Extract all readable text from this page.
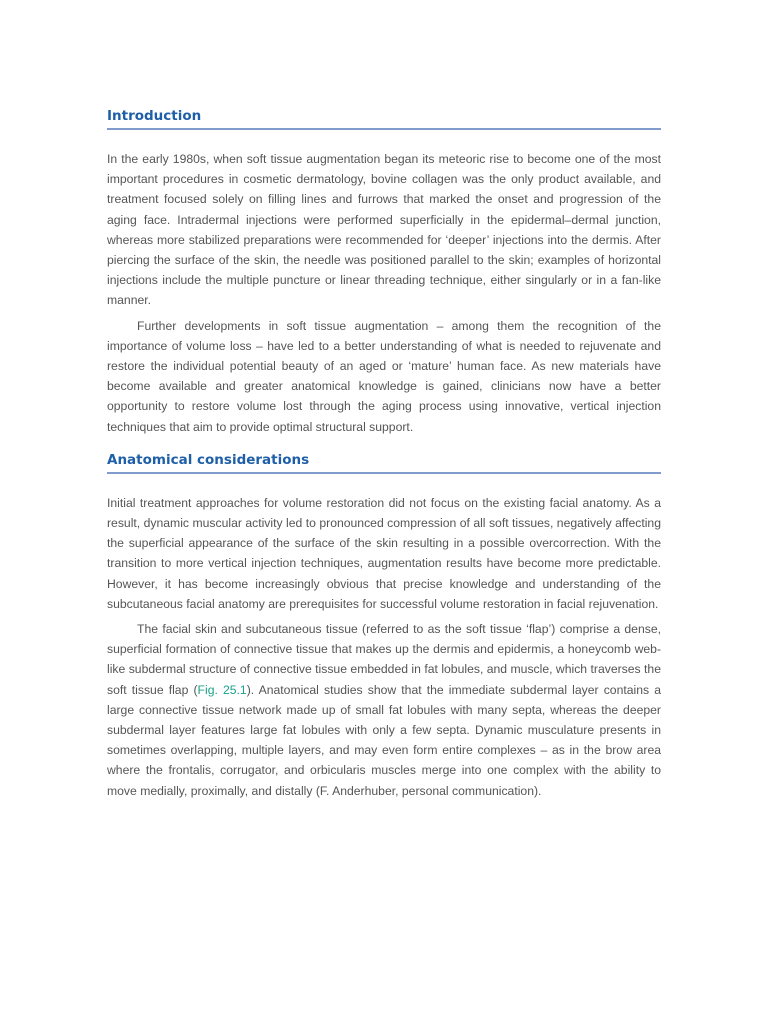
Introduction

In the early 1980s, when soft tissue augmentation began its meteoric rise to become one of the most important procedures in cosmetic dermatology, bovine collagen was the only product available, and treatment focused solely on filling lines and furrows that marked the onset and progression of the aging face. Intradermal injections were performed superficially in the epidermal–dermal junction, whereas more stabilized preparations were recommended for ‘deeper’ injections into the dermis. After piercing the surface of the skin, the needle was positioned parallel to the skin; examples of horizontal injections include the multiple puncture or linear threading technique, either singularly or in a fan-like manner.

Further developments in soft tissue augmentation – among them the recognition of the importance of volume loss – have led to a better understanding of what is needed to rejuvenate and restore the individual potential beauty of an aged or ‘mature’ human face. As new materials have become available and greater anatomical knowledge is gained, clinicians now have a better opportunity to restore volume lost through the aging process using innovative, vertical injection techniques that aim to provide optimal structural support.

Anatomical considerations

Initial treatment approaches for volume restoration did not focus on the existing facial anatomy. As a result, dynamic muscular activity led to pronounced compression of all soft tissues, negatively affecting the superficial appearance of the surface of the skin resulting in a possible overcorrection. With the transition to more vertical injection techniques, augmentation results have become more predictable. However, it has become increasingly obvious that precise knowledge and understanding of the subcutaneous facial anatomy are prerequisites for successful volume restoration in facial rejuvenation.

The facial skin and subcutaneous tissue (referred to as the soft tissue ‘flap’) comprise a dense, superficial formation of connective tissue that makes up the dermis and epidermis, a honeycomb web-like subdermal structure of connective tissue embedded in fat lobules, and muscle, which traverses the soft tissue flap (Fig. 25.1). Anatomical studies show that the immediate subdermal layer contains a large connective tissue network made up of small fat lobules with many septa, whereas the deeper subdermal layer features large fat lobules with only a few septa. Dynamic musculature presents in sometimes overlapping, multiple layers, and may even form entire complexes – as in the brow area where the frontalis, corrugator, and orbicularis muscles merge into one complex with the ability to move medially, proximally, and distally (F. Anderhuber, personal communication).
